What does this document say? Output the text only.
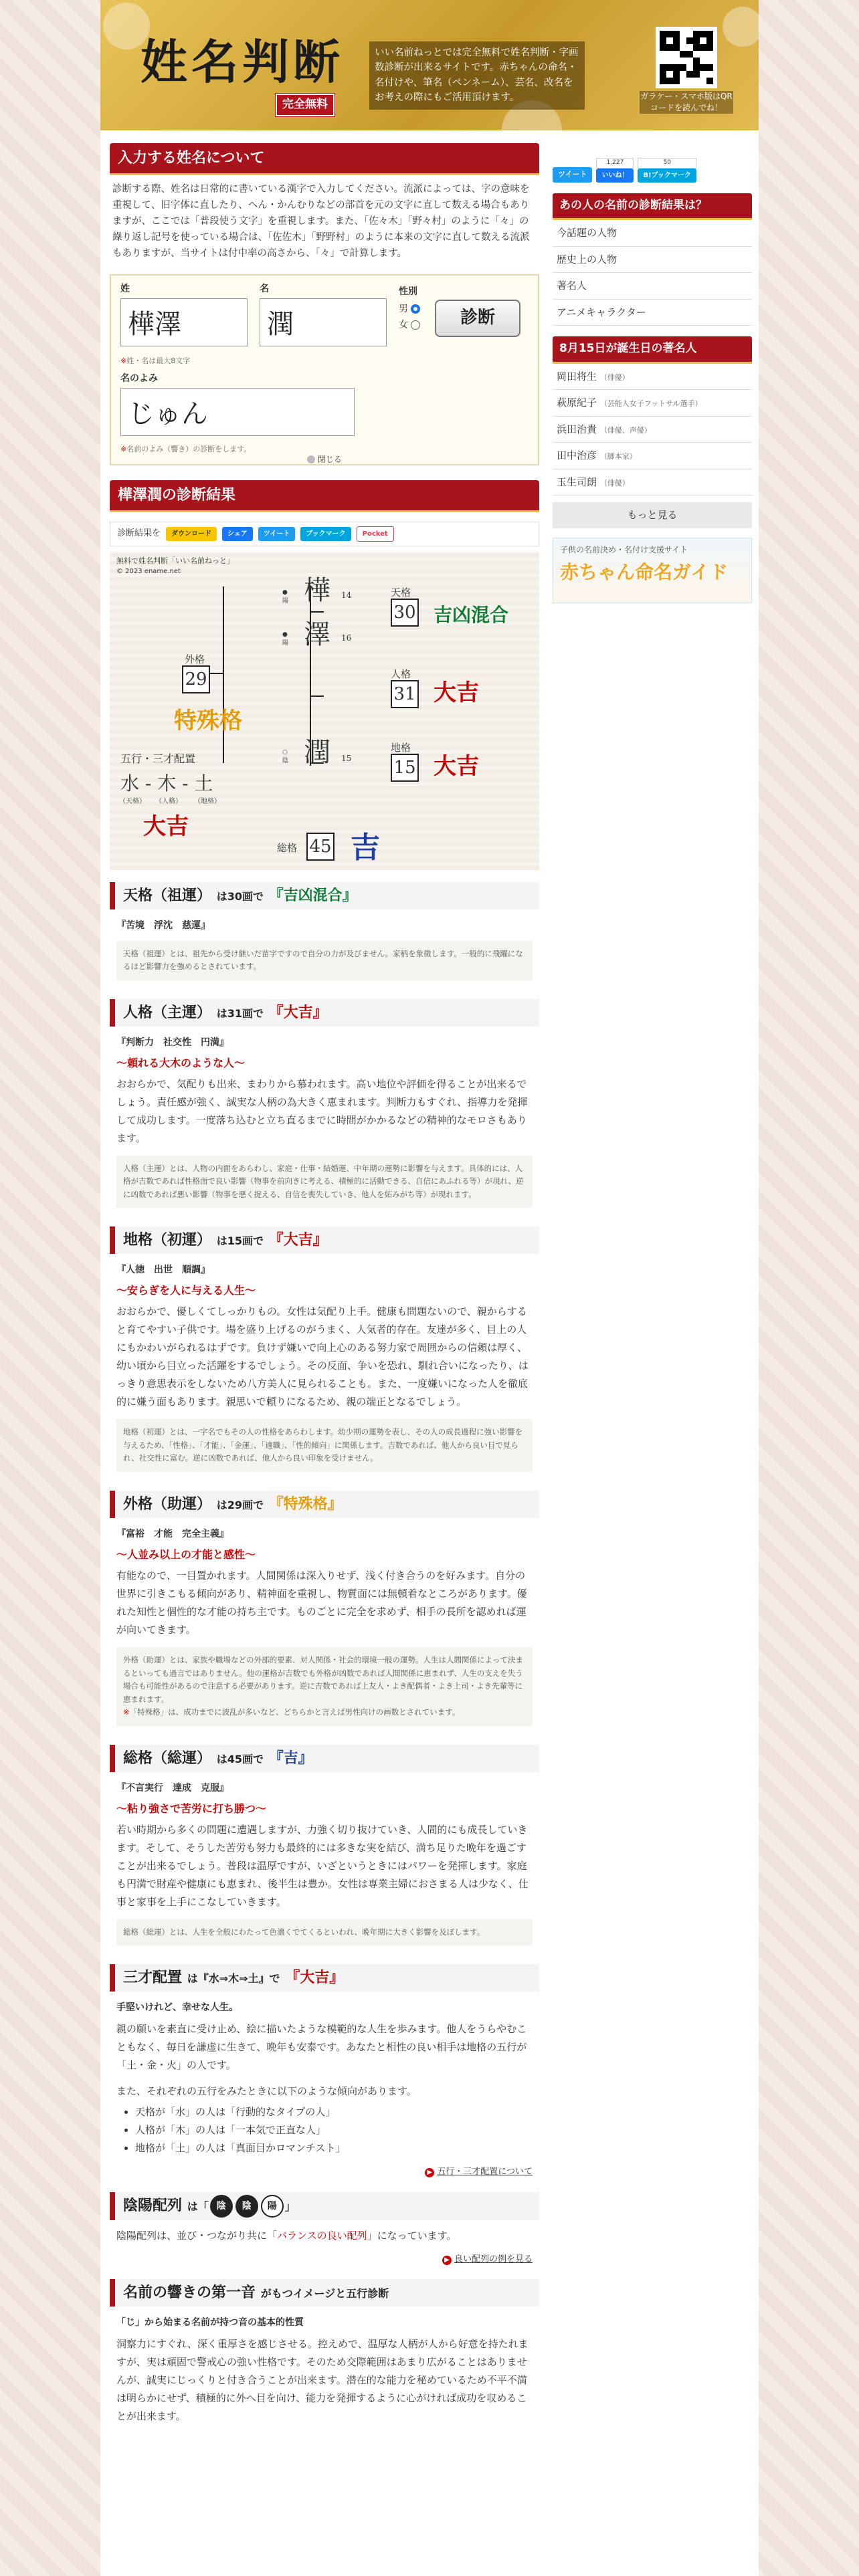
姓名判断
完全無料
いい名前ねっとでは完全無料で姓名判断・字画数診断が出来るサイトです。赤ちゃんの命名・名付けや、筆名（ペンネーム）、芸名、改名をお考えの際にもご活用頂けます。	ガラケー・スマホ版はQRコードを読んでね！
入力する姓名について
診断する際、姓名は日常的に書いている漢字で入力してください。流派によっては、字の意味を重視して、旧字体に直したり、へん・かんむりなどの部首を元の文字に直して数える場合もありますが、ここでは「普段使う文字」を重視します。また、「佐々木」「野々村」のように「々」の繰り返し記号を使っている場合は、「佐佐木」「野野村」のように本来の文字に直して数える流派もありますが、当サイトは付中率の高さから、「々」で計算します。
姓
樺澤
名
潤
性別
男
女	診断
※姓・名は最大8文字
名のよみ
じゅん
※名前のよみ（響き）の診断をします。
閉じる
樺澤潤の診断結果
診断結果を	ダウンロード	シェア	ツイート	ブックマーク	Pocket
無料で姓名判断「いい名前ねっと」
© 2023 ename.net
●
陽 樺 14
●
陽 澤 16
○
陰 潤 15
天格
30 吉凶混合
人格
31 大吉
地格
15 大吉
外格
29
特殊格
五行・三才配置
水 - 木 - 土
（天格） （人格） （地格）
大吉
総格 45 吉
天格（祖運） は30画で 『吉凶混合』
『苦境　浮沈　慈運』
天格（祖運）とは、祖先から受け継いだ苗字ですので自分の力が及びません。家柄を象徴します。一般的に飛躍になるほど影響力を強めるとされています。
人格（主運） は31画で 『大吉』
『判断力　社交性　円満』
～頼れる大木のような人～
おおらかで、気配りも出来、まわりから慕われます。高い地位や評価を得ることが出来るでしょう。責任感が強く、誠実な人柄の為大きく恵まれます。判断力もすぐれ、指導力を発揮して成功します。一度落ち込むと立ち直るまでに時間がかかるなどの精神的なモロさもあります。
人格（主運）とは、人物の内面をあらわし、家庭・仕事・結婚運、中年期の運勢に影響を与えます。具体的には、人格が吉数であれば性格面で良い影響（物事を前向きに考える、積極的に活動できる、自信にあふれる等）が現れ、逆に凶数であれば悪い影響（物事を悪く捉える、自信を喪失していき、他人を妬みがち等）が現れます。
地格（初運） は15画で 『大吉』
『人徳　出世　順調』
～安らぎを人に与える人生～
おおらかで、優しくてしっかりもの。女性は気配り上手。健康も問題ないので、親からすると育てやすい子供です。場を盛り上げるのがうまく、人気者的存在。友達が多く、目上の人にもかわいがられるはずです。負けず嫌いで向上心のある努力家で周囲からの信頼は厚く、幼い頃から目立った活躍をするでしょう。その反面、争いを恐れ、馴れ合いになったり、はっきり意思表示をしないため八方美人に見られることも。また、一度嫌いになった人を徹底的に嫌う面もあります。親思いで頼りになるため、親の端正となるでしょう。
地格（初運）とは、一字名でもその人の性格をあらわします。幼少期の運勢を表し、その人の成長過程に強い影響を与えるため、「性格」、「才能」、「金運」、「適職」、「性的傾向」に関係します。吉数であれば、他人から良い目で見られ、社交性に富む。逆に凶数であれば、他人から良い印象を受けません。
外格（助運） は29画で 『特殊格』
『富裕　才能　完全主義』
～人並み以上の才能と感性～
有能なので、一目置かれます。人間関係は深入りせず、浅く付き合うのを好みます。自分の世界に引きこもる傾向があり、精神面を重視し、物質面には無頓着なところがあります。優れた知性と個性的な才能の持ち主です。ものごとに完全を求めず、相手の長所を認めれば運が向いてきます。
外格（助運）とは、家族や職場などの外部的要素、対人関係・社会的環境一般の運勢。人生は人間関係によって決まるといっても過言ではありません。他の運格が吉数でも外格が凶数であれば人間関係に恵まれず、人生の支えを失う場合も可能性があるので注意する必要があります。逆に吉数であれば上友人・よき配偶者・よき上司・よき先輩等に恵まれます。
※「特殊格」は、成功までに波乱が多いなど、どちらかと言えば男性向けの画数とされています。
総格（総運） は45画で 『吉』
『不言実行　達成　克服』
～粘り強さで苦労に打ち勝つ～
若い時期から多くの問題に遭遇しますが、力強く切り抜けていき、人間的にも成長していきます。そして、そうした苦労も努力も最終的には多きな実を結び、満ち足りた晩年を過ごすことが出来るでしょう。普段は温厚ですが、いざというときにはパワーを発揮します。家庭も円満で財産や健康にも恵まれ、後半生は豊か。女性は専業主婦におさまる人は少なく、仕事と家事を上手にこなしていきます。
総格（総運）とは、人生を全般にわたって色濃くでてくるといわれ、晩年期に大きく影響を及ぼします。
三才配置 は『水⇒木⇒土』で 『大吉』
手堅いけれど、幸せな人生。
親の願いを素直に受け止め、絵に描いたような模範的な人生を歩みます。他人をうらやむこともなく、毎日を謙虚に生きて、晩年も安泰です。あなたと相性の良い相手は地格の五行が「土・金・火」の人です。
また、それぞれの五行をみたときに以下のような傾向があります。
• 天格が「水」の人は「行動的なタイプの人」
• 人格が「木」の人は「一本気で正直な人」
• 地格が「土」の人は「真面目かロマンチスト」
▶ 五行・三才配置について
陰陽配列 は「 陰 陰 陽 」
陰陽配列は、並び・つながり共に「バランスの良い配列」になっています。
▶ 良い配列の例を見る
名前の響きの第一音 がもつイメージと五行診断
「じ」から始まる名前が持つ音の基本的性質
洞察力にすぐれ、深く重厚さを感じさせる。控えめで、温厚な人柄が人から好意を持たれますが、実は頑固で警戒心の強い性格です。そのため交際範囲はあまり広がることはありませんが、誠実にじっくりと付き合うことが出来ます。潜在的な能力を秘めているため不平不満は明らかにせず、積極的に外へ目を向け、能力を発揮するように心がければ成功を収めることが出来ます。
ツイート
1,227
いいね！
50
B!ブックマーク
あの人の名前の診断結果は？
今話題の人物
歴史上の人物
著名人
アニメキャラクター
8月15日が誕生日の著名人
岡田将生 （俳優）
萩原紀子 （芸能人女子フットサル選手）
浜田治貴 （俳優、声優）
田中治彦 （脚本家）
玉生司朗 （俳優）
もっと見る
子供の名前決め・名付け支援サイト
赤ちゃん命名ガイド
